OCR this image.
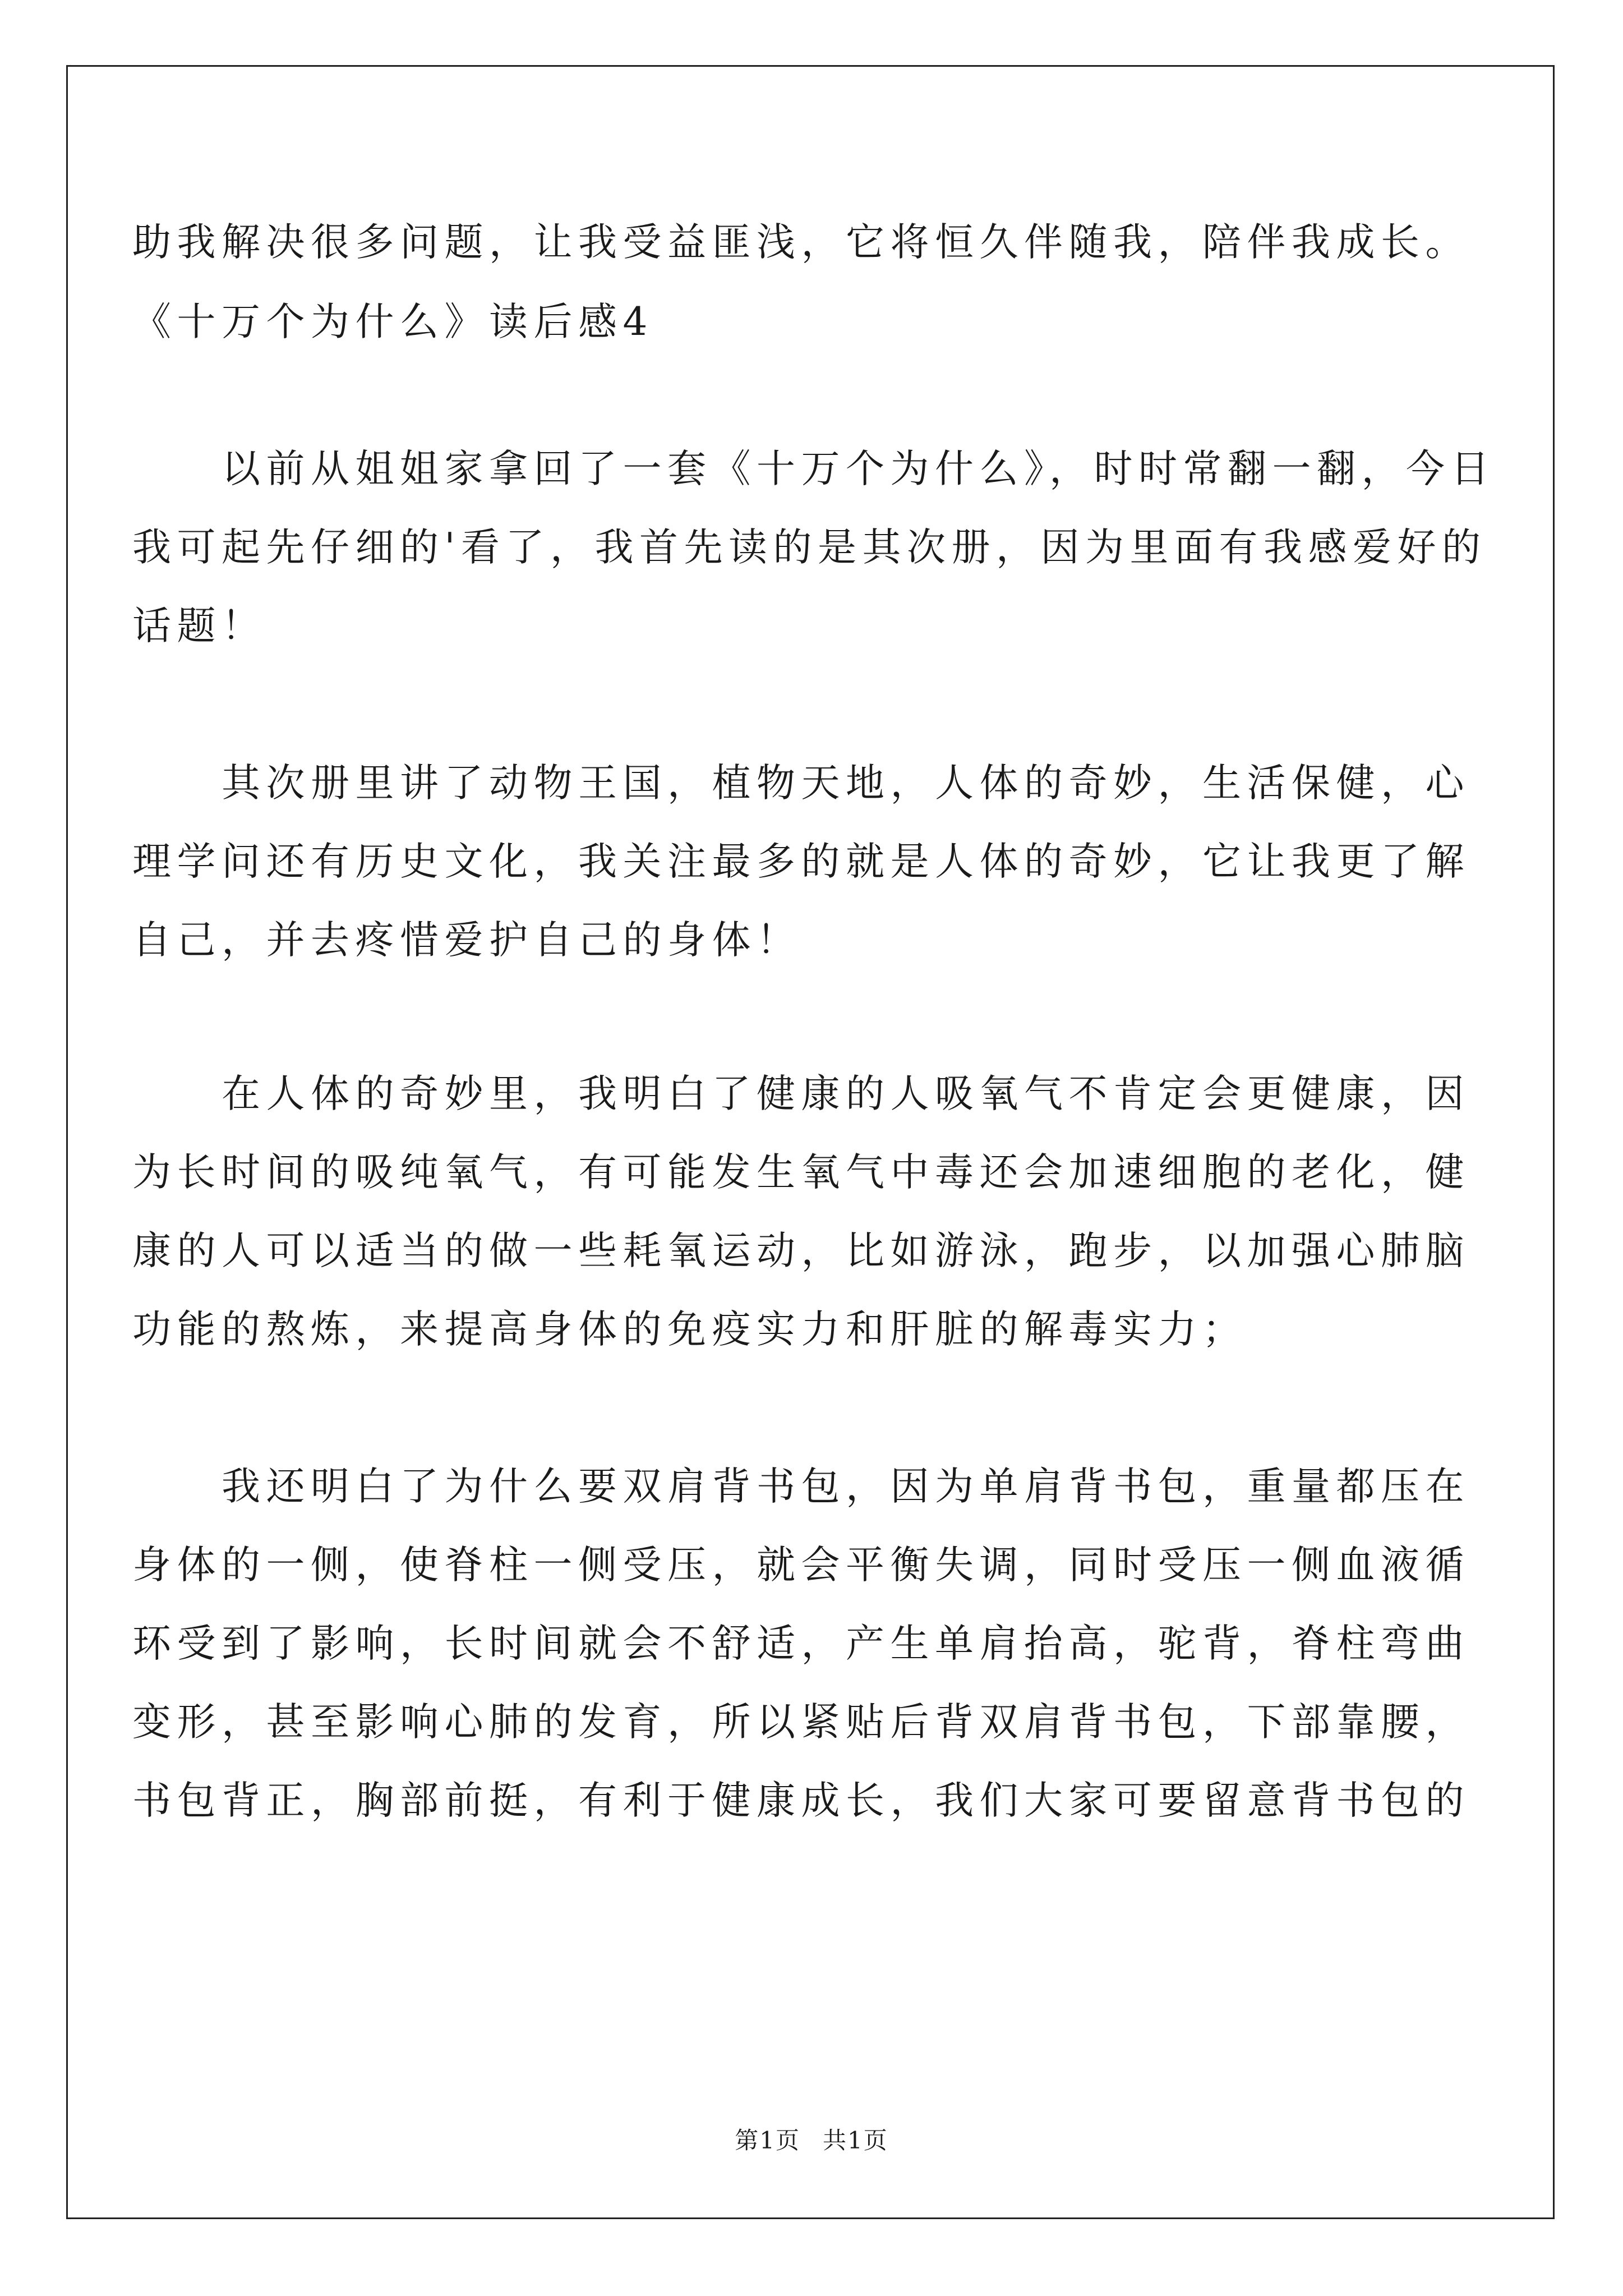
助我解决很多问题，让我受益匪浅，它将恒久伴随我，陪伴我成长。
《十万个为什么》读后感4
　　以前从姐姐家拿回了一套《十万个为什么》，时时常翻一翻，今日
我可起先仔细的'看了，我首先读的是其次册，因为里面有我感爱好的
话题！
　　其次册里讲了动物王国，植物天地，人体的奇妙，生活保健，心
理学问还有历史文化，我关注最多的就是人体的奇妙，它让我更了解
自己，并去疼惜爱护自己的身体！
　　在人体的奇妙里，我明白了健康的人吸氧气不肯定会更健康，因
为长时间的吸纯氧气，有可能发生氧气中毒还会加速细胞的老化，健
康的人可以适当的做一些耗氧运动，比如游泳，跑步，以加强心肺脑
功能的熬炼，来提高身体的免疫实力和肝脏的解毒实力；
　　我还明白了为什么要双肩背书包，因为单肩背书包，重量都压在
身体的一侧，使脊柱一侧受压，就会平衡失调，同时受压一侧血液循
环受到了影响，长时间就会不舒适，产生单肩抬高，驼背，脊柱弯曲
变形，甚至影响心肺的发育，所以紧贴后背双肩背书包，下部靠腰，
书包背正，胸部前挺，有利于健康成长，我们大家可要留意背书包的
第1页 共1页
